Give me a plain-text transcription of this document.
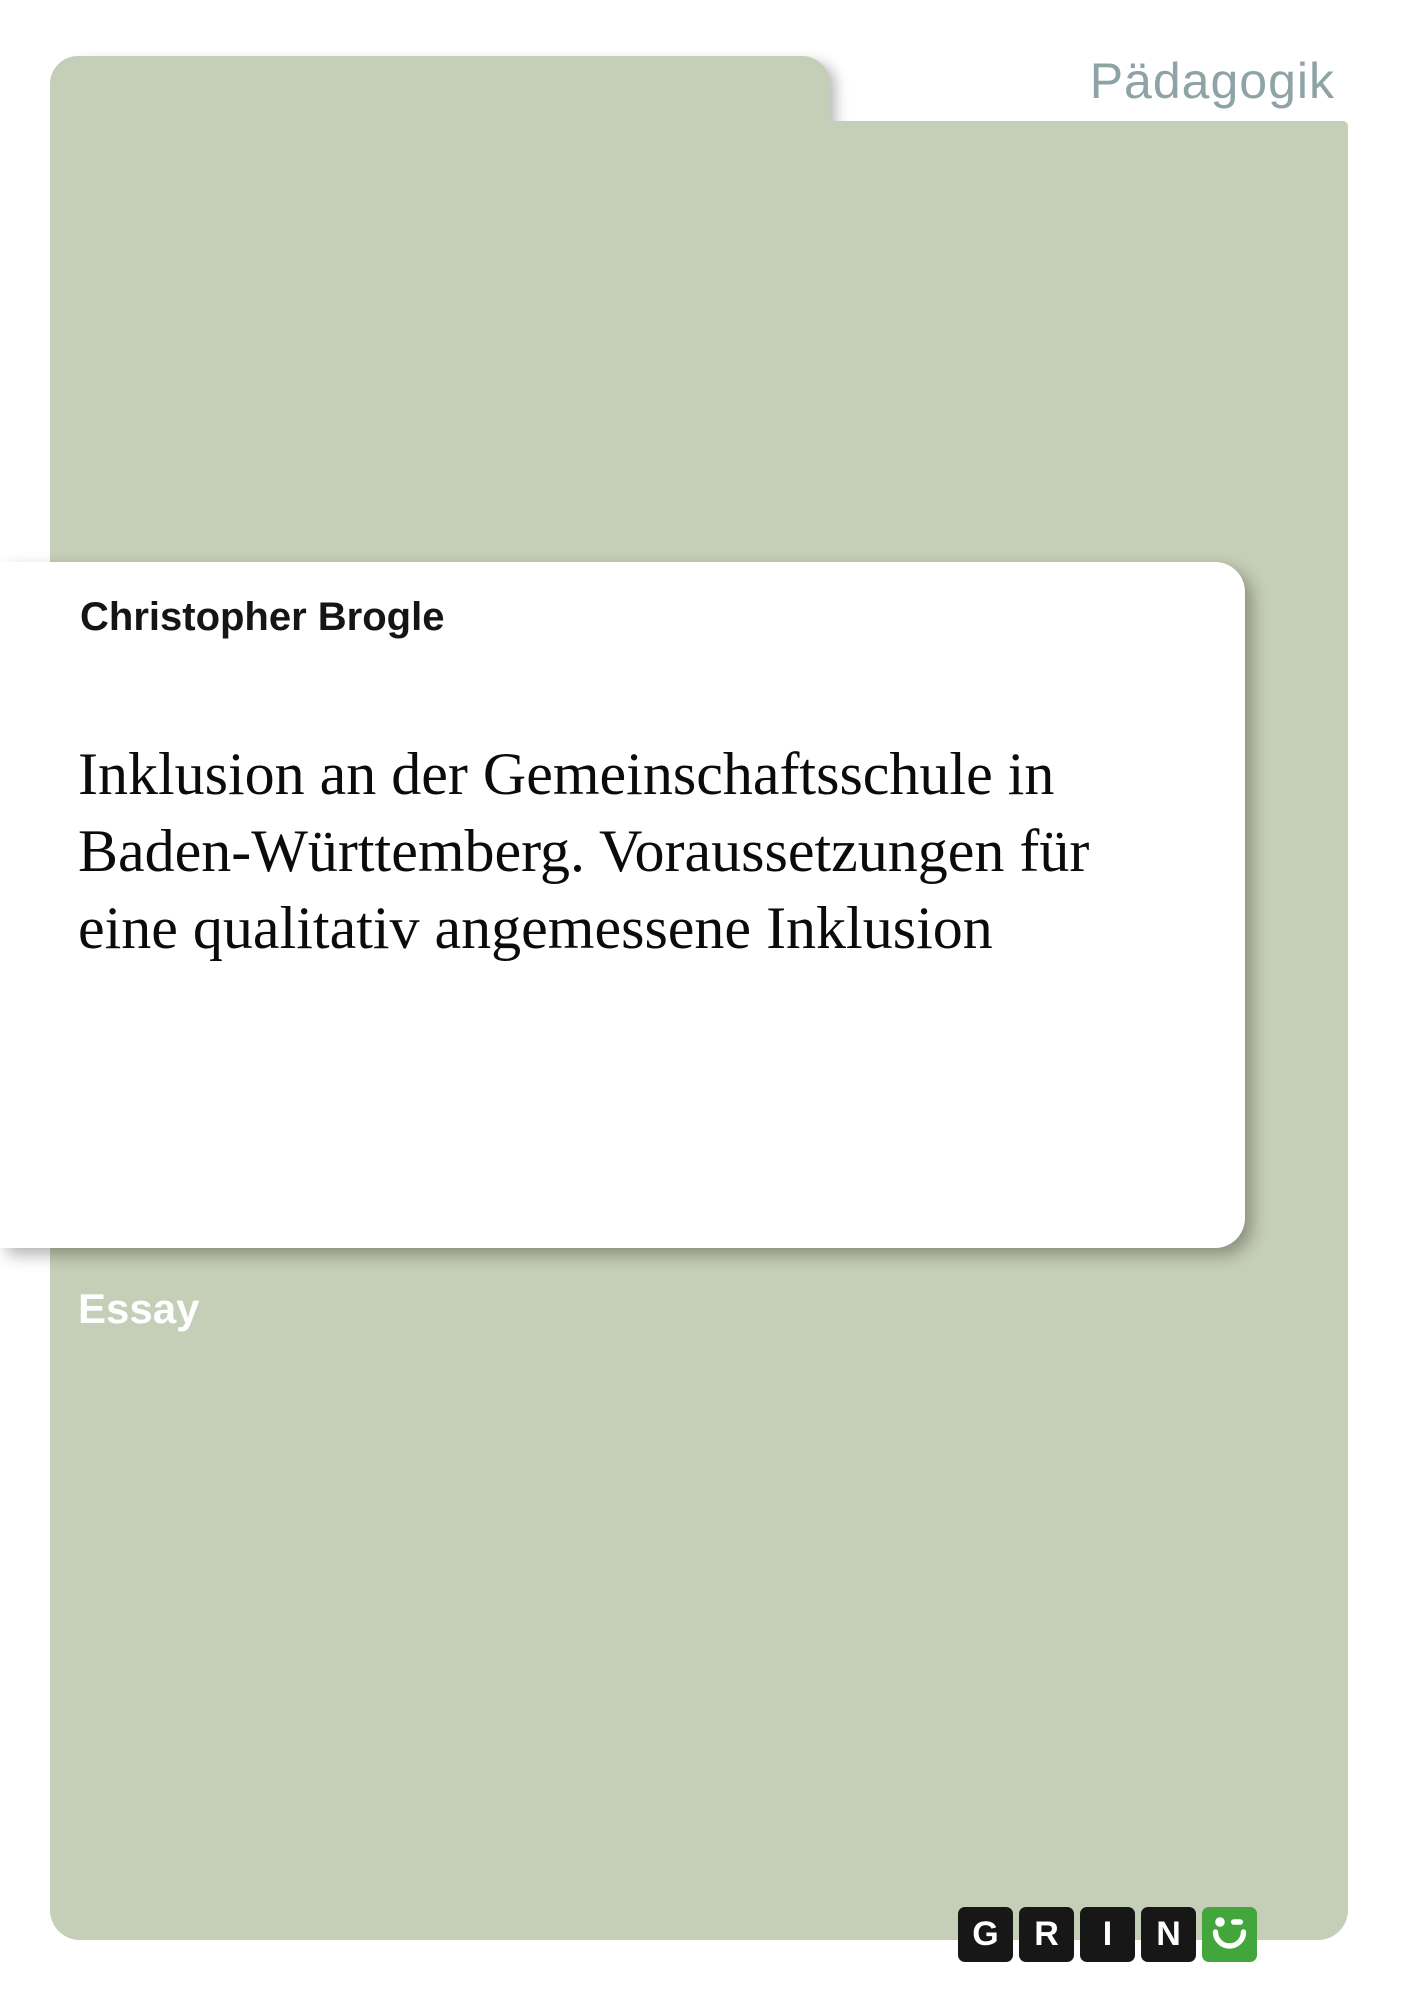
Pädagogik
Christopher Brogle
Inklusion an der Gemeinschaftsschule in
Baden-Württemberg. Voraussetzungen für
eine qualitativ angemessene Inklusion
Essay
G	R	I	N
